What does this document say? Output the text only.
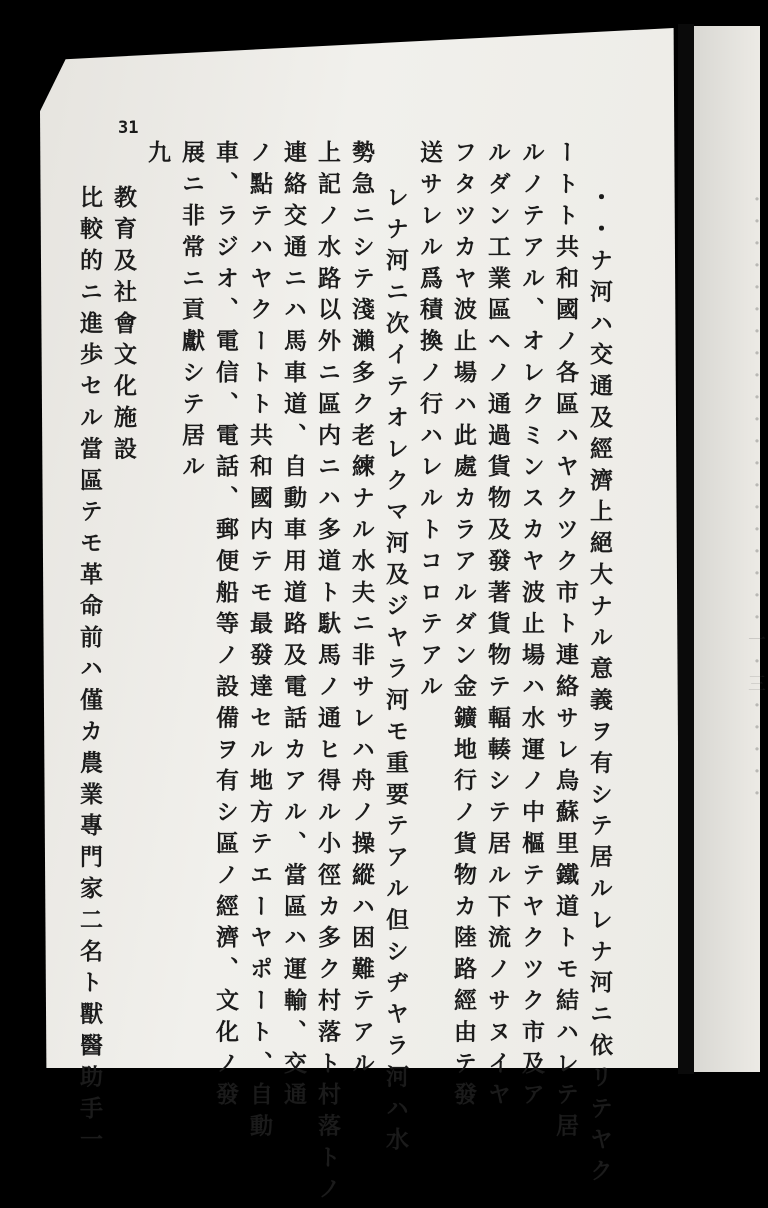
・・・・・・・・・・・・・・・・・・・・一・三・・・・・
31
・・ナ河ハ交通及經濟上絕大ナル意義ヲ有シテ居ルレナ河ニ依リテヤク
ートト共和國ノ各區ハヤクツク市ト連絡サレ烏蘇里鐵道トモ結ハレテ居
ルノテアル、オレクミンスカヤ波止場ハ水運ノ中樞テヤクツク市及ア
ルダン工業區ヘノ通過貨物及發著貨物テ輻輳シテ居ル下流ノサヌイヤ
フタツカヤ波止場ハ此處カラアルダン金鑛地行ノ貨物カ陸路經由テ發
送サレル爲積換ノ行ハレルトコロテアル
レナ河ニ次イテオレクマ河及ジヤラ河モ重要テアル但シヂヤラ河ハ水
勢急ニシテ淺瀨多ク老練ナル水夫ニ非サレハ舟ノ操縱ハ困難テアル
上記ノ水路以外ニ區内ニハ多道ト馱馬ノ通ヒ得ル小徑カ多ク村落ト村落トノ
連絡交通ニハ馬車道、自動車用道路及電話カアル、當區ハ運輸、交通
ノ點テハヤクートト共和國内テモ最發達セル地方テエーヤポート、自動
車、ラジオ、電信、電話、郵便船等ノ設備ヲ有シ區ノ經濟、文化ノ發
展ニ非常ニ貢獻シテ居ル
九
教育及社會文化施設
比較的ニ進歩セル當區テモ革命前ハ僅カ農業專門家二名ト獸醫助手一
